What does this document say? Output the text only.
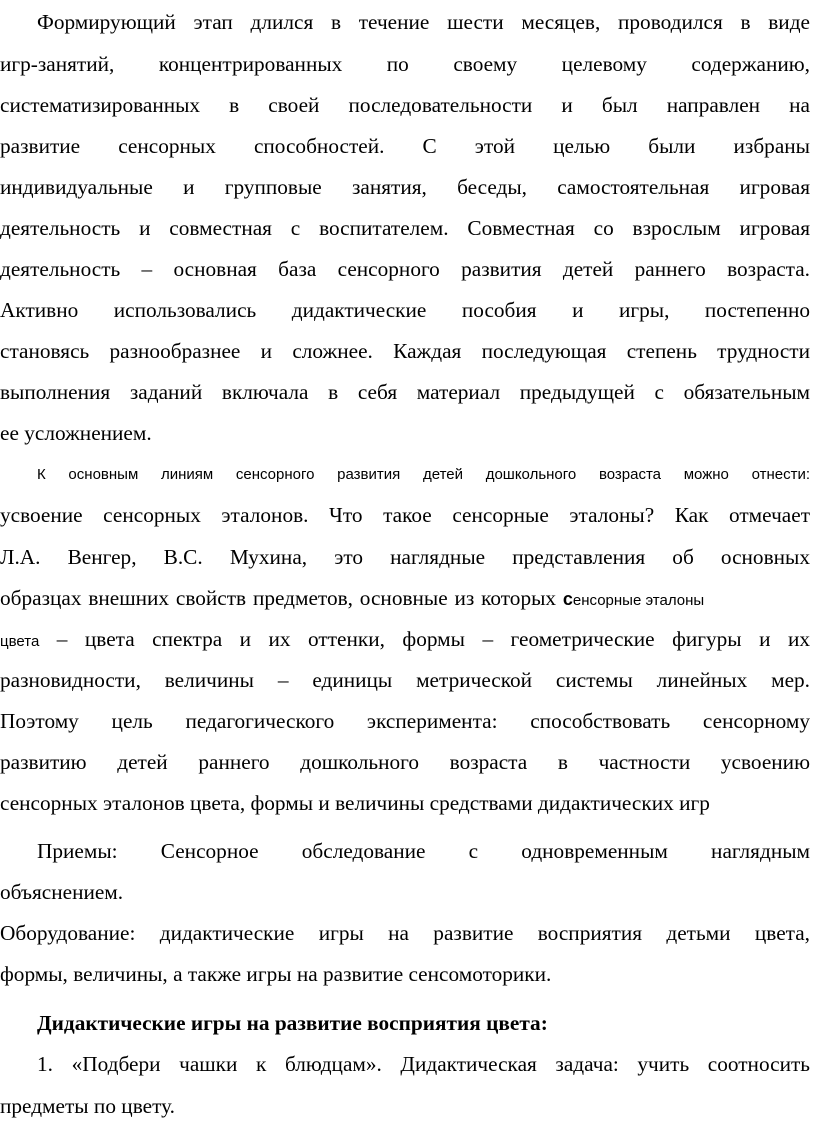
Формирующий этап длился в течение шести месяцев, проводился в виде
игр-занятий, концентрированных по своему целевому содержанию,
систематизированных в своей последовательности и был направлен на
развитие сенсорных способностей. С этой целью были избраны
индивидуальные и групповые занятия, беседы, самостоятельная игровая
деятельность и совместная с воспитателем. Совместная со взрослым игровая
деятельность – основная база сенсорного развития детей раннего возраста.
Активно использовались дидактические пособия и игры, постепенно
становясь разнообразнее и сложнее. Каждая последующая степень трудности
выполнения заданий включала в себя материал предыдущей с обязательным
ее усложнением.
К основным линиям сенсорного развития детей дошкольного возраста можно отнести:
усвоение сенсорных эталонов. Что такое сенсорные эталоны? Как отмечает
Л.А. Венгер, В.С. Мухина, это наглядные представления об основных
образцах внешних свойств предметов, основные из которых сенсорные эталоны
цвета – цвета спектра и их оттенки, формы – геометрические фигуры и их
разновидности, величины – единицы метрической системы линейных мер.
Поэтому цель педагогического эксперимента: способствовать сенсорному
развитию детей раннего дошкольного возраста в частности усвоению
сенсорных эталонов цвета, формы и величины средствами дидактических игр
Приемы: Сенсорное обследование с одновременным наглядным
объяснением.
Оборудование: дидактические игры на развитие восприятия детьми цвета,
формы, величины, а также игры на развитие сенсомоторики.
Дидактические игры на развитие восприятия цвета:
1. «Подбери чашки к блюдцам». Дидактическая задача: учить соотносить
предметы по цвету.
